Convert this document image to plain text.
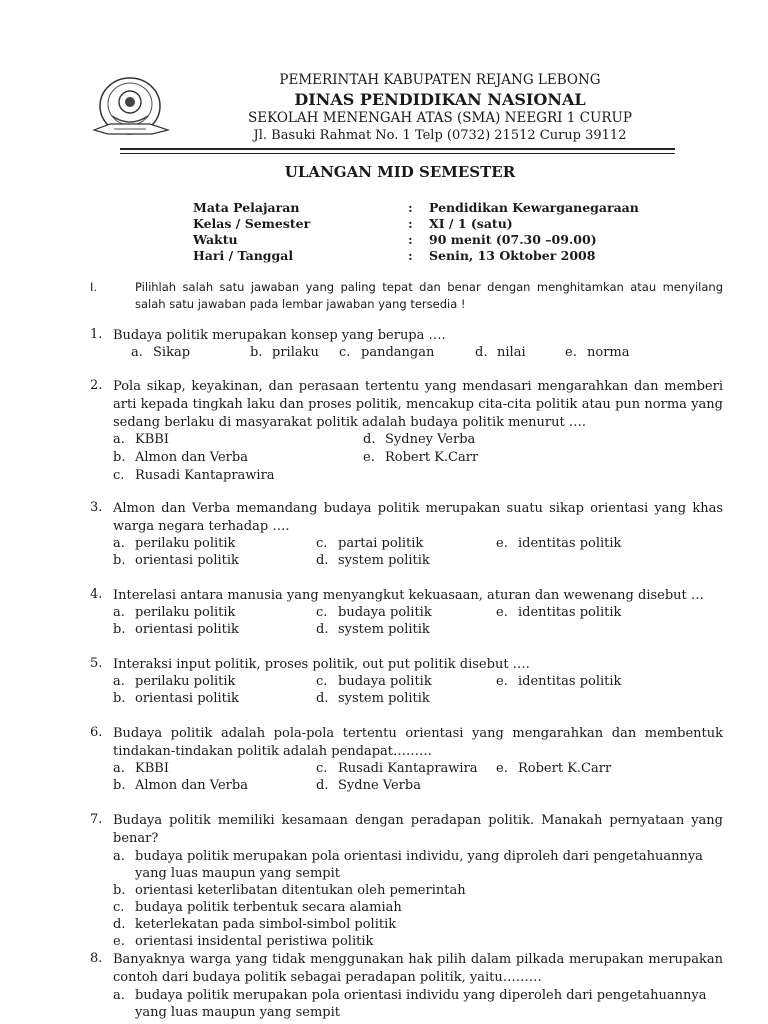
PEMERINTAH KABUPATEN REJANG LEBONG
DINAS PENDIDIKAN NASIONAL
SEKOLAH MENENGAH ATAS (SMA) NEEGRI 1 CURUP
Jl. Basuki Rahmat No. 1 Telp (0732) 21512 Curup 39112
ULANGAN MID SEMESTER
Mata Pelajaran	: Pendidikan Kewarganegaraan
Kelas / Semester	: XI / 1 (satu)
Waktu	: 90 menit (07.30 –09.00)
Hari / Tanggal	: Senin, 13 Oktober 2008
I.	Pilihlah salah satu jawaban yang paling tepat dan benar dengan menghitamkan atau menyilang salah satu jawaban pada lembar jawaban yang tersedia !
1. Budaya politik merupakan konsep yang berupa ….
a. Sikap	b. prilaku c. pandangan	d. nilai	e. norma
2. Pola sikap, keyakinan, dan perasaan tertentu yang mendasari mengarahkan dan memberi arti kepada tingkah laku dan proses politik, mencakup cita-cita politik atau pun norma yang sedang berlaku di masyarakat politik adalah budaya politik menurut ….
a. KBBI
b. Almon dan Verba
c. Rusadi Kantaprawira
d. Sydney Verba
e. Robert K.Carr
3. Almon dan Verba memandang budaya politik merupakan suatu sikap orientasi yang khas warga negara terhadap ….
a. perilaku politik
b. orientasi politik
c. partai politik
d. system politik
e. identitas politik
4. Interelasi antara manusia yang menyangkut kekuasaan, aturan dan wewenang disebut …
a. perilaku politik
b. orientasi politik
c. budaya politik
d. system politik
e. identitas politik
5. Interaksi input politik, proses politik, out put politik disebut ….
a. perilaku politik
b. orientasi politik
c. budaya politik
d. system politik
e. identitas politik
6. Budaya politik adalah pola-pola tertentu orientasi yang mengarahkan dan membentuk tindakan-tindakan politik adalah pendapat………
a. KBBI
b. Almon dan Verba
c. Rusadi Kantaprawira
d. Sydne Verba
e. Robert K.Carr
7. Budaya politik memiliki kesamaan dengan peradapan politik. Manakah pernyataan yang benar?
a. budaya politik merupakan pola orientasi individu, yang diproleh dari pengetahuannya yang luas maupun yang sempit
b. orientasi keterlibatan ditentukan oleh pemerintah
c. budaya politik terbentuk secara alamiah
d. keterlekatan pada simbol-simbol politik
e. orientasi insidental peristiwa politik
8. Banyaknya warga yang tidak menggunakan hak pilih dalam pilkada merupakan merupakan contoh dari budaya politik sebagai peradapan politik, yaitu………
a. budaya politik merupakan pola orientasi individu yang diperoleh dari pengetahuannya yang luas maupun yang sempit
